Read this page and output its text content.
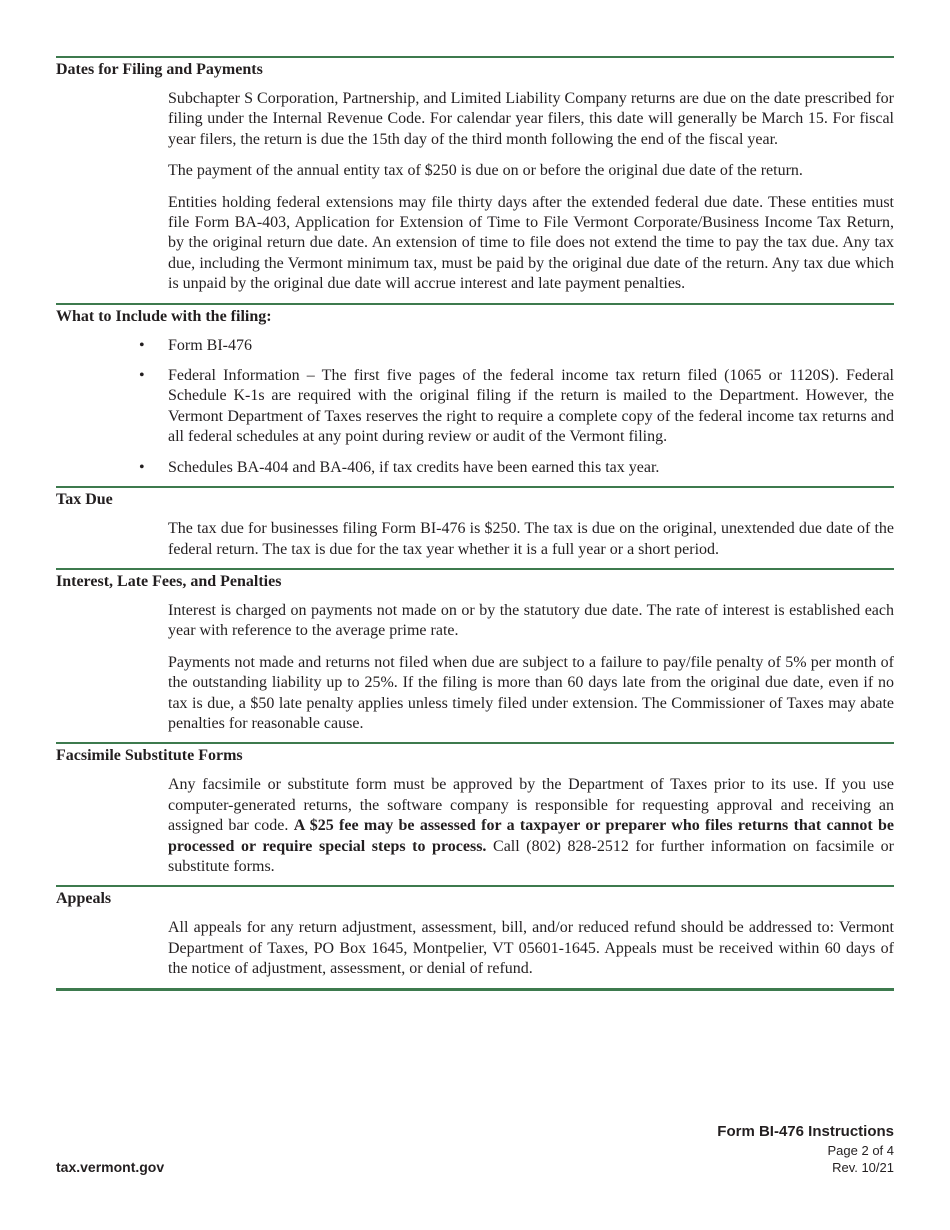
Dates for Filing and Payments

Subchapter S Corporation, Partnership, and Limited Liability Company returns are due on the date prescribed for filing under the Internal Revenue Code. For calendar year filers, this date will generally be March 15. For fiscal year filers, the return is due the 15th day of the third month following the end of the fiscal year.

The payment of the annual entity tax of $250 is due on or before the original due date of the return.

Entities holding federal extensions may file thirty days after the extended federal due date. These entities must file Form BA-403, Application for Extension of Time to File Vermont Corporate/Business Income Tax Return, by the original return due date. An extension of time to file does not extend the time to pay the tax due. Any tax due, including the Vermont minimum tax, must be paid by the original due date of the return. Any tax due which is unpaid by the original due date will accrue interest and late payment penalties.

What to Include with the filing:
• Form BI-476
• Federal Information – The first five pages of the federal income tax return filed (1065 or 1120S). Federal Schedule K-1s are required with the original filing if the return is mailed to the Department. However, the Vermont Department of Taxes reserves the right to require a complete copy of the federal income tax returns and all federal schedules at any point during review or audit of the Vermont filing.
• Schedules BA-404 and BA-406, if tax credits have been earned this tax year.
Tax Due

The tax due for businesses filing Form BI-476 is $250. The tax is due on the original, unextended due date of the federal return. The tax is due for the tax year whether it is a full year or a short period.

Interest, Late Fees, and Penalties

Interest is charged on payments not made on or by the statutory due date. The rate of interest is established each year with reference to the average prime rate.

Payments not made and returns not filed when due are subject to a failure to pay/file penalty of 5% per month of the outstanding liability up to 25%. If the filing is more than 60 days late from the original due date, even if no tax is due, a $50 late penalty applies unless timely filed under extension. The Commissioner of Taxes may abate penalties for reasonable cause.

Facsimile Substitute Forms

Any facsimile or substitute form must be approved by the Department of Taxes prior to its use. If you use computer-generated returns, the software company is responsible for requesting approval and receiving an assigned bar code. A $25 fee may be assessed for a taxpayer or preparer who files returns that cannot be processed or require special steps to process. Call (802) 828-2512 for further information on facsimile or substitute forms.

Appeals

All appeals for any return adjustment, assessment, bill, and/or reduced refund should be addressed to: Vermont Department of Taxes, PO Box 1645, Montpelier, VT 05601-1645. Appeals must be received within 60 days of the notice of adjustment, assessment, or denial of refund.

tax.vermont.gov
Form BI-476 Instructions
Page 2 of 4
Rev. 10/21
